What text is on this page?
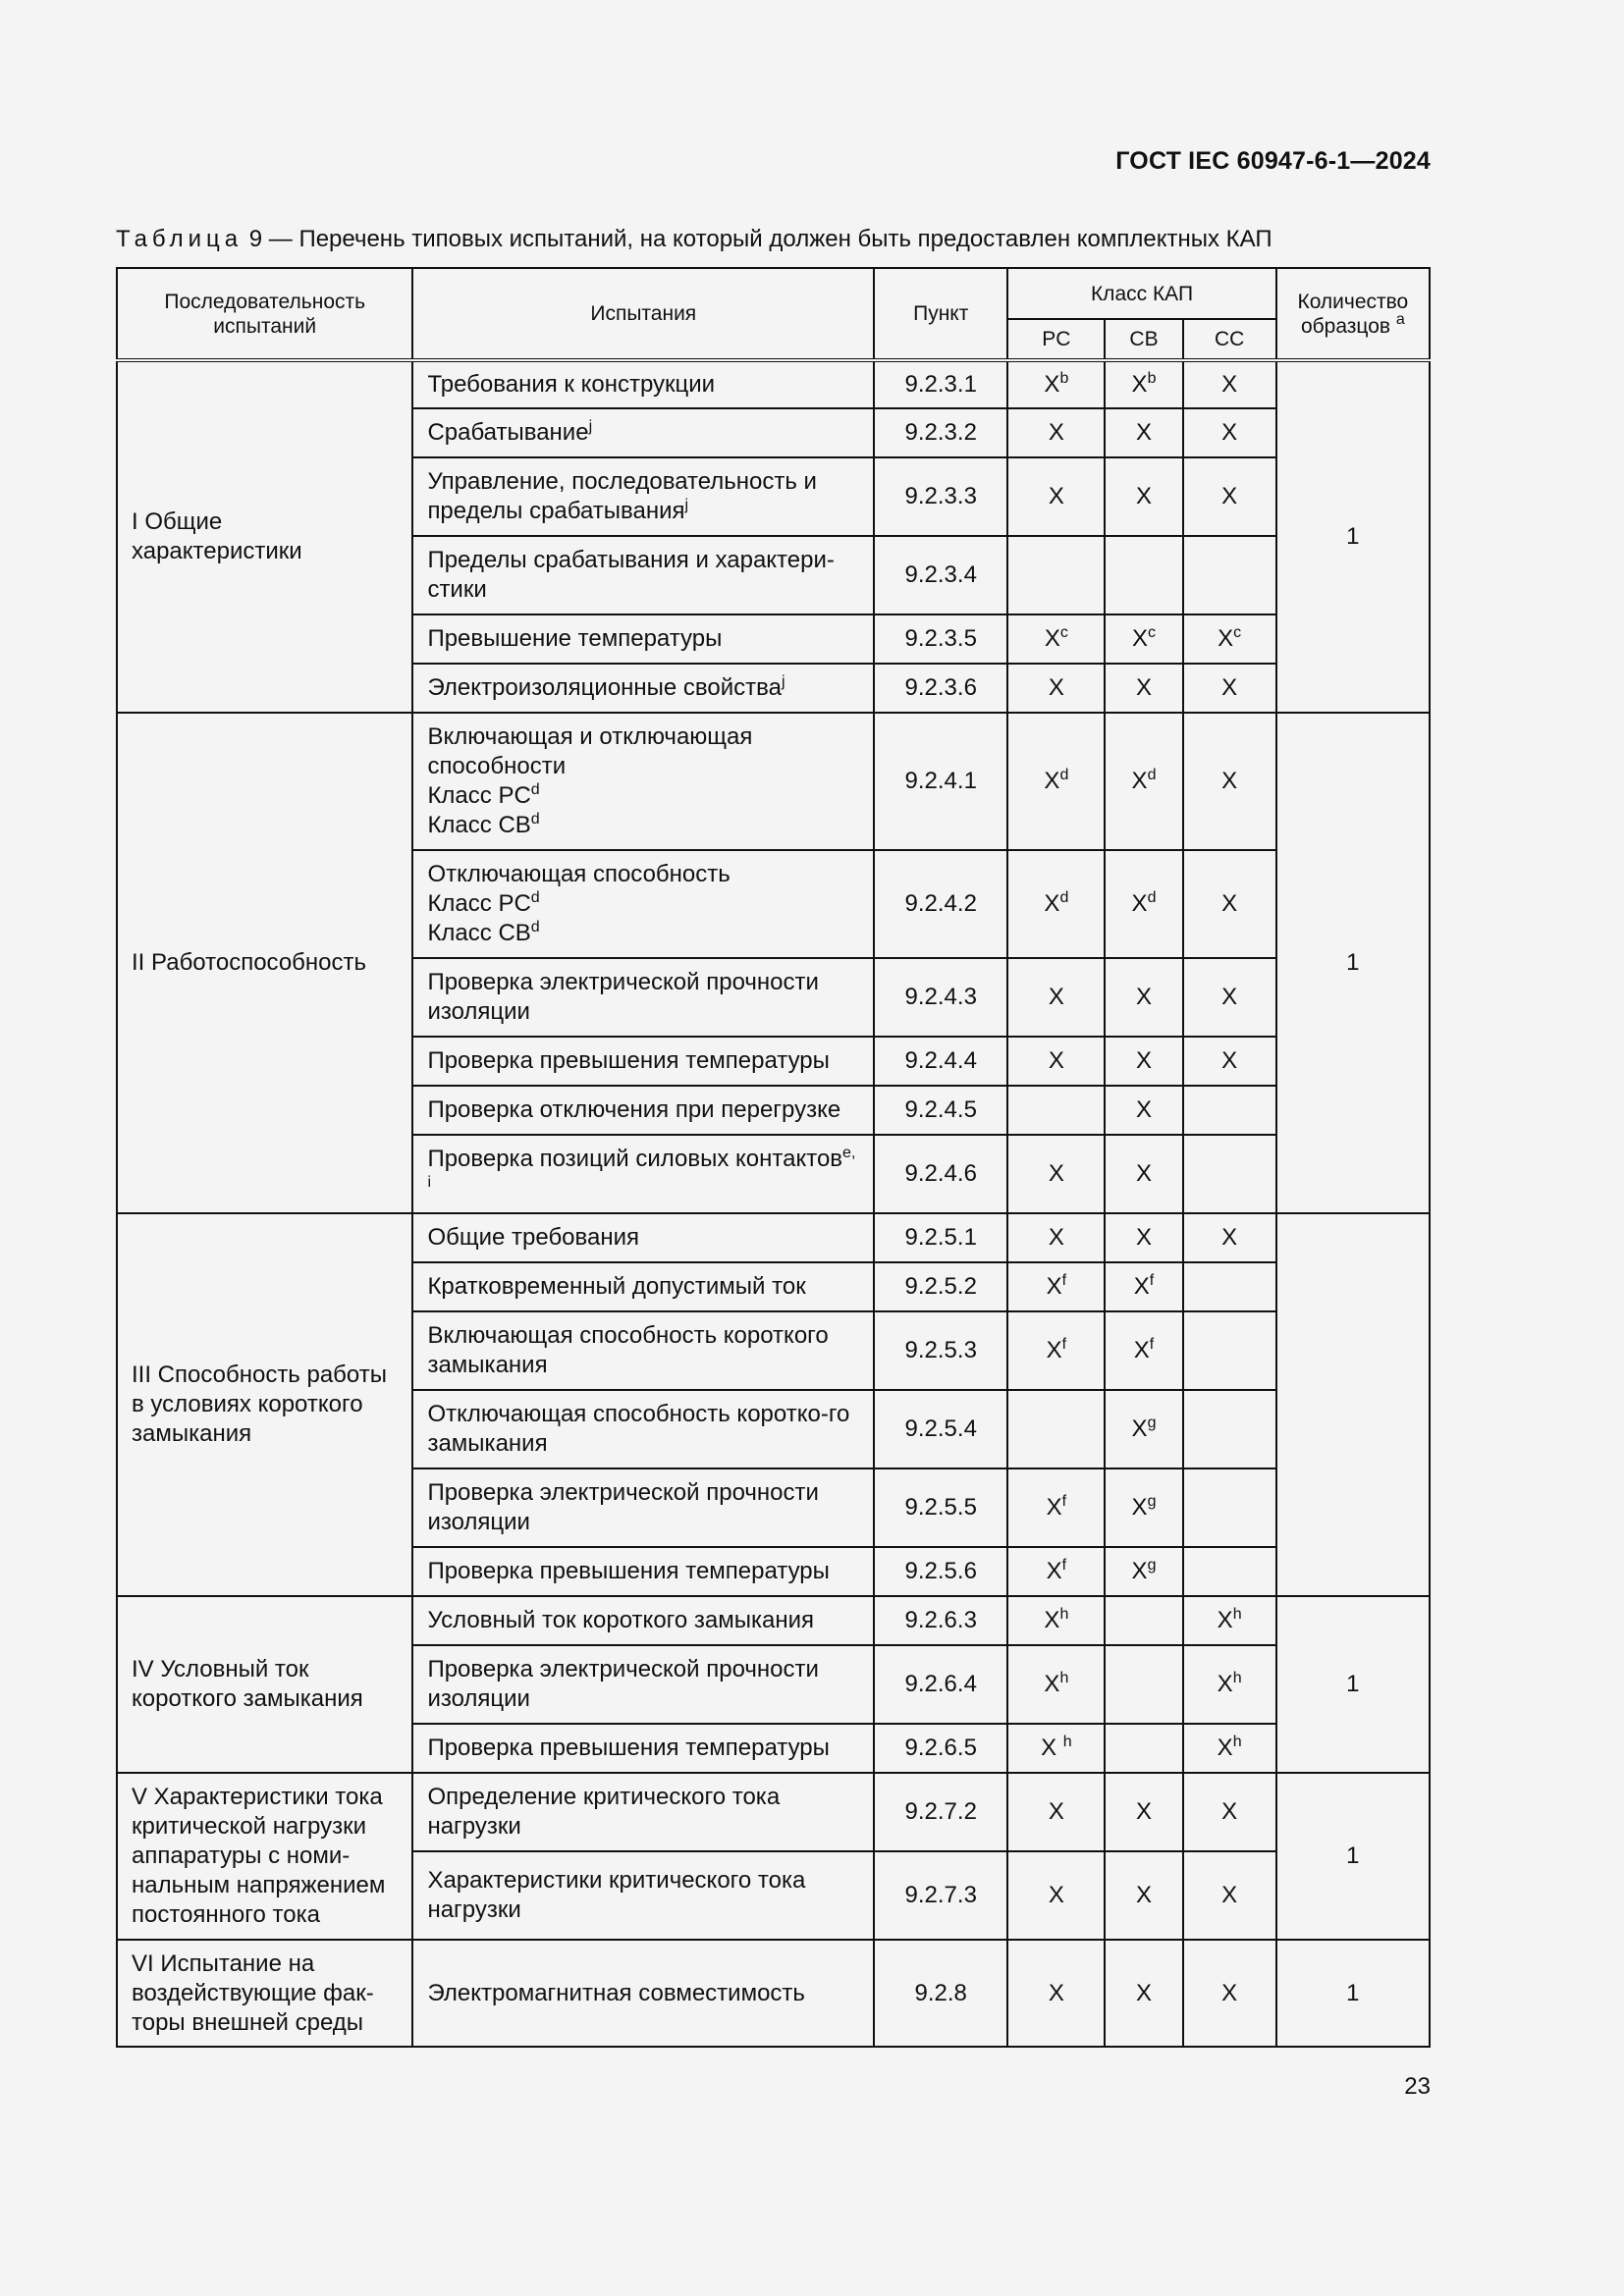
ГОСТ IEC 60947-6-1—2024
Таблица 9 — Перечень типовых испытаний, на который должен быть предоставлен комплектных КАП
Последовательность испытаний	Испытания	Пункт	Класс КАП			Количество образцов $^а$
			PC	CB	CC	
I Общие характеристики	Требования к конструкции	9.2.3.1	$X^b$	$X^b$	X	1
	Срабатывание$^j$	9.2.3.2	X	X	X	
	Управление, последовательность и пределы срабатывания$^j$	9.2.3.3	X	X	X	
	Пределы срабатывания и характери-стики	9.2.3.4				
	Превышение температуры	9.2.3.5	$X^c$	$X^c$	$X^c$
	Электроизоляционные свойства$^j$	9.2.3.6	X	X	X	
II Работоспособность	Включающая и отключающая способности
Класс $PC^d$
Класс $CB^d$	9.2.4.1	$X^d$	$X^d$	X	1
	Отключающая способность
Класс $PC^d$
Класс $CB^d$	9.2.4.2	$X^d$	$X^d$	X	
	Проверка электрической прочности изоляции	9.2.4.3	X	X	X	
	Проверка превышения температуры	9.2.4.4	X	X	X	
	Проверка отключения при перегрузке	9.2.4.5		X		
	Проверка позиций силовых контактов$^{e, i}$	9.2.4.6	X	X		
III Способность работы в условиях короткого замыкания	Общие требования	9.2.5.1	X	X	X	
	Кратковременный допустимый ток	9.2.5.2	$X^f$	$X^f$	
	Включающая способность короткого замыкания	9.2.5.3	$X^f$	$X^f$	
	Отключающая способность коротко-го замыкания	9.2.5.4		$X^g$	
	Проверка электрической прочности изоляции	9.2.5.5	$X^f$	$X^g$	
	Проверка превышения температуры	9.2.5.6	$X^f$	$X^g$	
IV Условный ток короткого замыкания	Условный ток короткого замыкания	9.2.6.3	$X^h$		$X^h$	1
	Проверка электрической прочности изоляции	9.2.6.4	$X^h$		$X^h$
	Проверка превышения температуры	9.2.6.5	X $^h$		$X^h$
V Характеристики тока критической нагрузки аппаратуры с номи-нальным напряжением постоянного тока	Определение критического тока нагрузки	9.2.7.2	X	X	X	1
	Характеристики критического тока нагрузки	9.2.7.3	X	X	X	
VI Испытание на воздействующие фак-торы внешней среды	Электромагнитная совместимость	9.2.8	X	X	X	1
23
